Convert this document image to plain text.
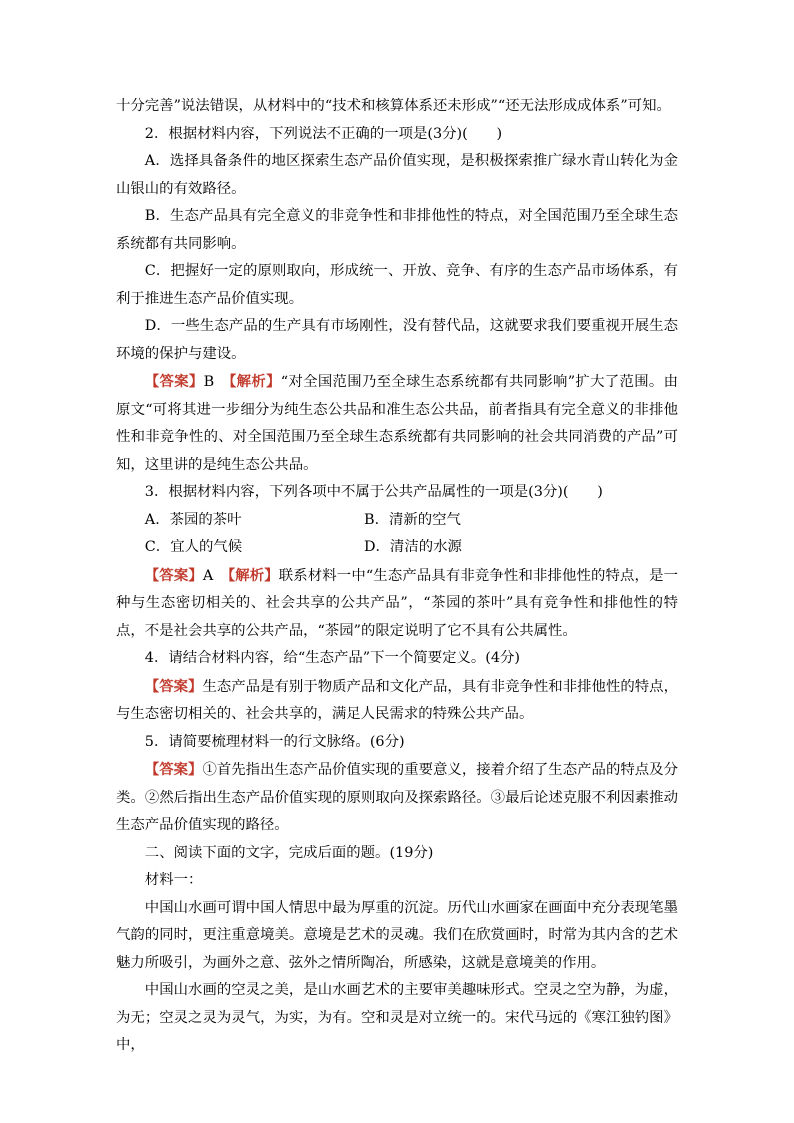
十分完善”说法错误，从材料中的“技术和核算体系还未形成”“还无法形成成体系”可知。

2．根据材料内容，下列说法不正确的一项是(3分)(　　)

A．选择具备条件的地区探索生态产品价值实现，是积极探索推广绿水青山转化为金山银山的有效路径。

B．生态产品具有完全意义的非竞争性和非排他性的特点，对全国范围乃至全球生态系统都有共同影响。

C．把握好一定的原则取向，形成统一、开放、竞争、有序的生态产品市场体系，有利于推进生态产品价值实现。

D．一些生态产品的生产具有市场刚性，没有替代品，这就要求我们要重视开展生态环境的保护与建设。

【答案】B　【解析】“对全国范围乃至全球生态系统都有共同影响”扩大了范围。由原文“可将其进一步细分为纯生态公共品和准生态公共品，前者指具有完全意义的非排他性和非竞争性的、对全国范围乃至全球生态系统都有共同影响的社会共同消费的产品”可知，这里讲的是纯生态公共品。

3．根据材料内容，下列各项中不属于公共产品属性的一项是(3分)(　　)

A．茶园的茶叶	B．清新的空气

C．宜人的气候	D．清洁的水源

【答案】A　【解析】联系材料一中“生态产品具有非竞争性和非排他性的特点，是一种与生态密切相关的、社会共享的公共产品”，“茶园的茶叶”具有竞争性和排他性的特点，不是社会共享的公共产品，“茶园”的限定说明了它不具有公共属性。

4．请结合材料内容，给“生态产品”下一个简要定义。(4分)

【答案】生态产品是有别于物质产品和文化产品，具有非竞争性和非排他性的特点，与生态密切相关的、社会共享的，满足人民需求的特殊公共产品。

5．请简要梳理材料一的行文脉络。(6分)

【答案】①首先指出生态产品价值实现的重要意义，接着介绍了生态产品的特点及分类。②然后指出生态产品价值实现的原则取向及探索路径。③最后论述克服不利因素推动生态产品价值实现的路径。

二、阅读下面的文字，完成后面的题。(19分)

材料一：

中国山水画可谓中国人情思中最为厚重的沉淀。历代山水画家在画面中充分表现笔墨气韵的同时，更注重意境美。意境是艺术的灵魂。我们在欣赏画时，时常为其内含的艺术魅力所吸引，为画外之意、弦外之情所陶冶，所感染，这就是意境美的作用。

中国山水画的空灵之美，是山水画艺术的主要审美趣味形式。空灵之空为静，为虚，为无；空灵之灵为灵气，为实，为有。空和灵是对立统一的。宋代马远的《寒江独钓图》中，
